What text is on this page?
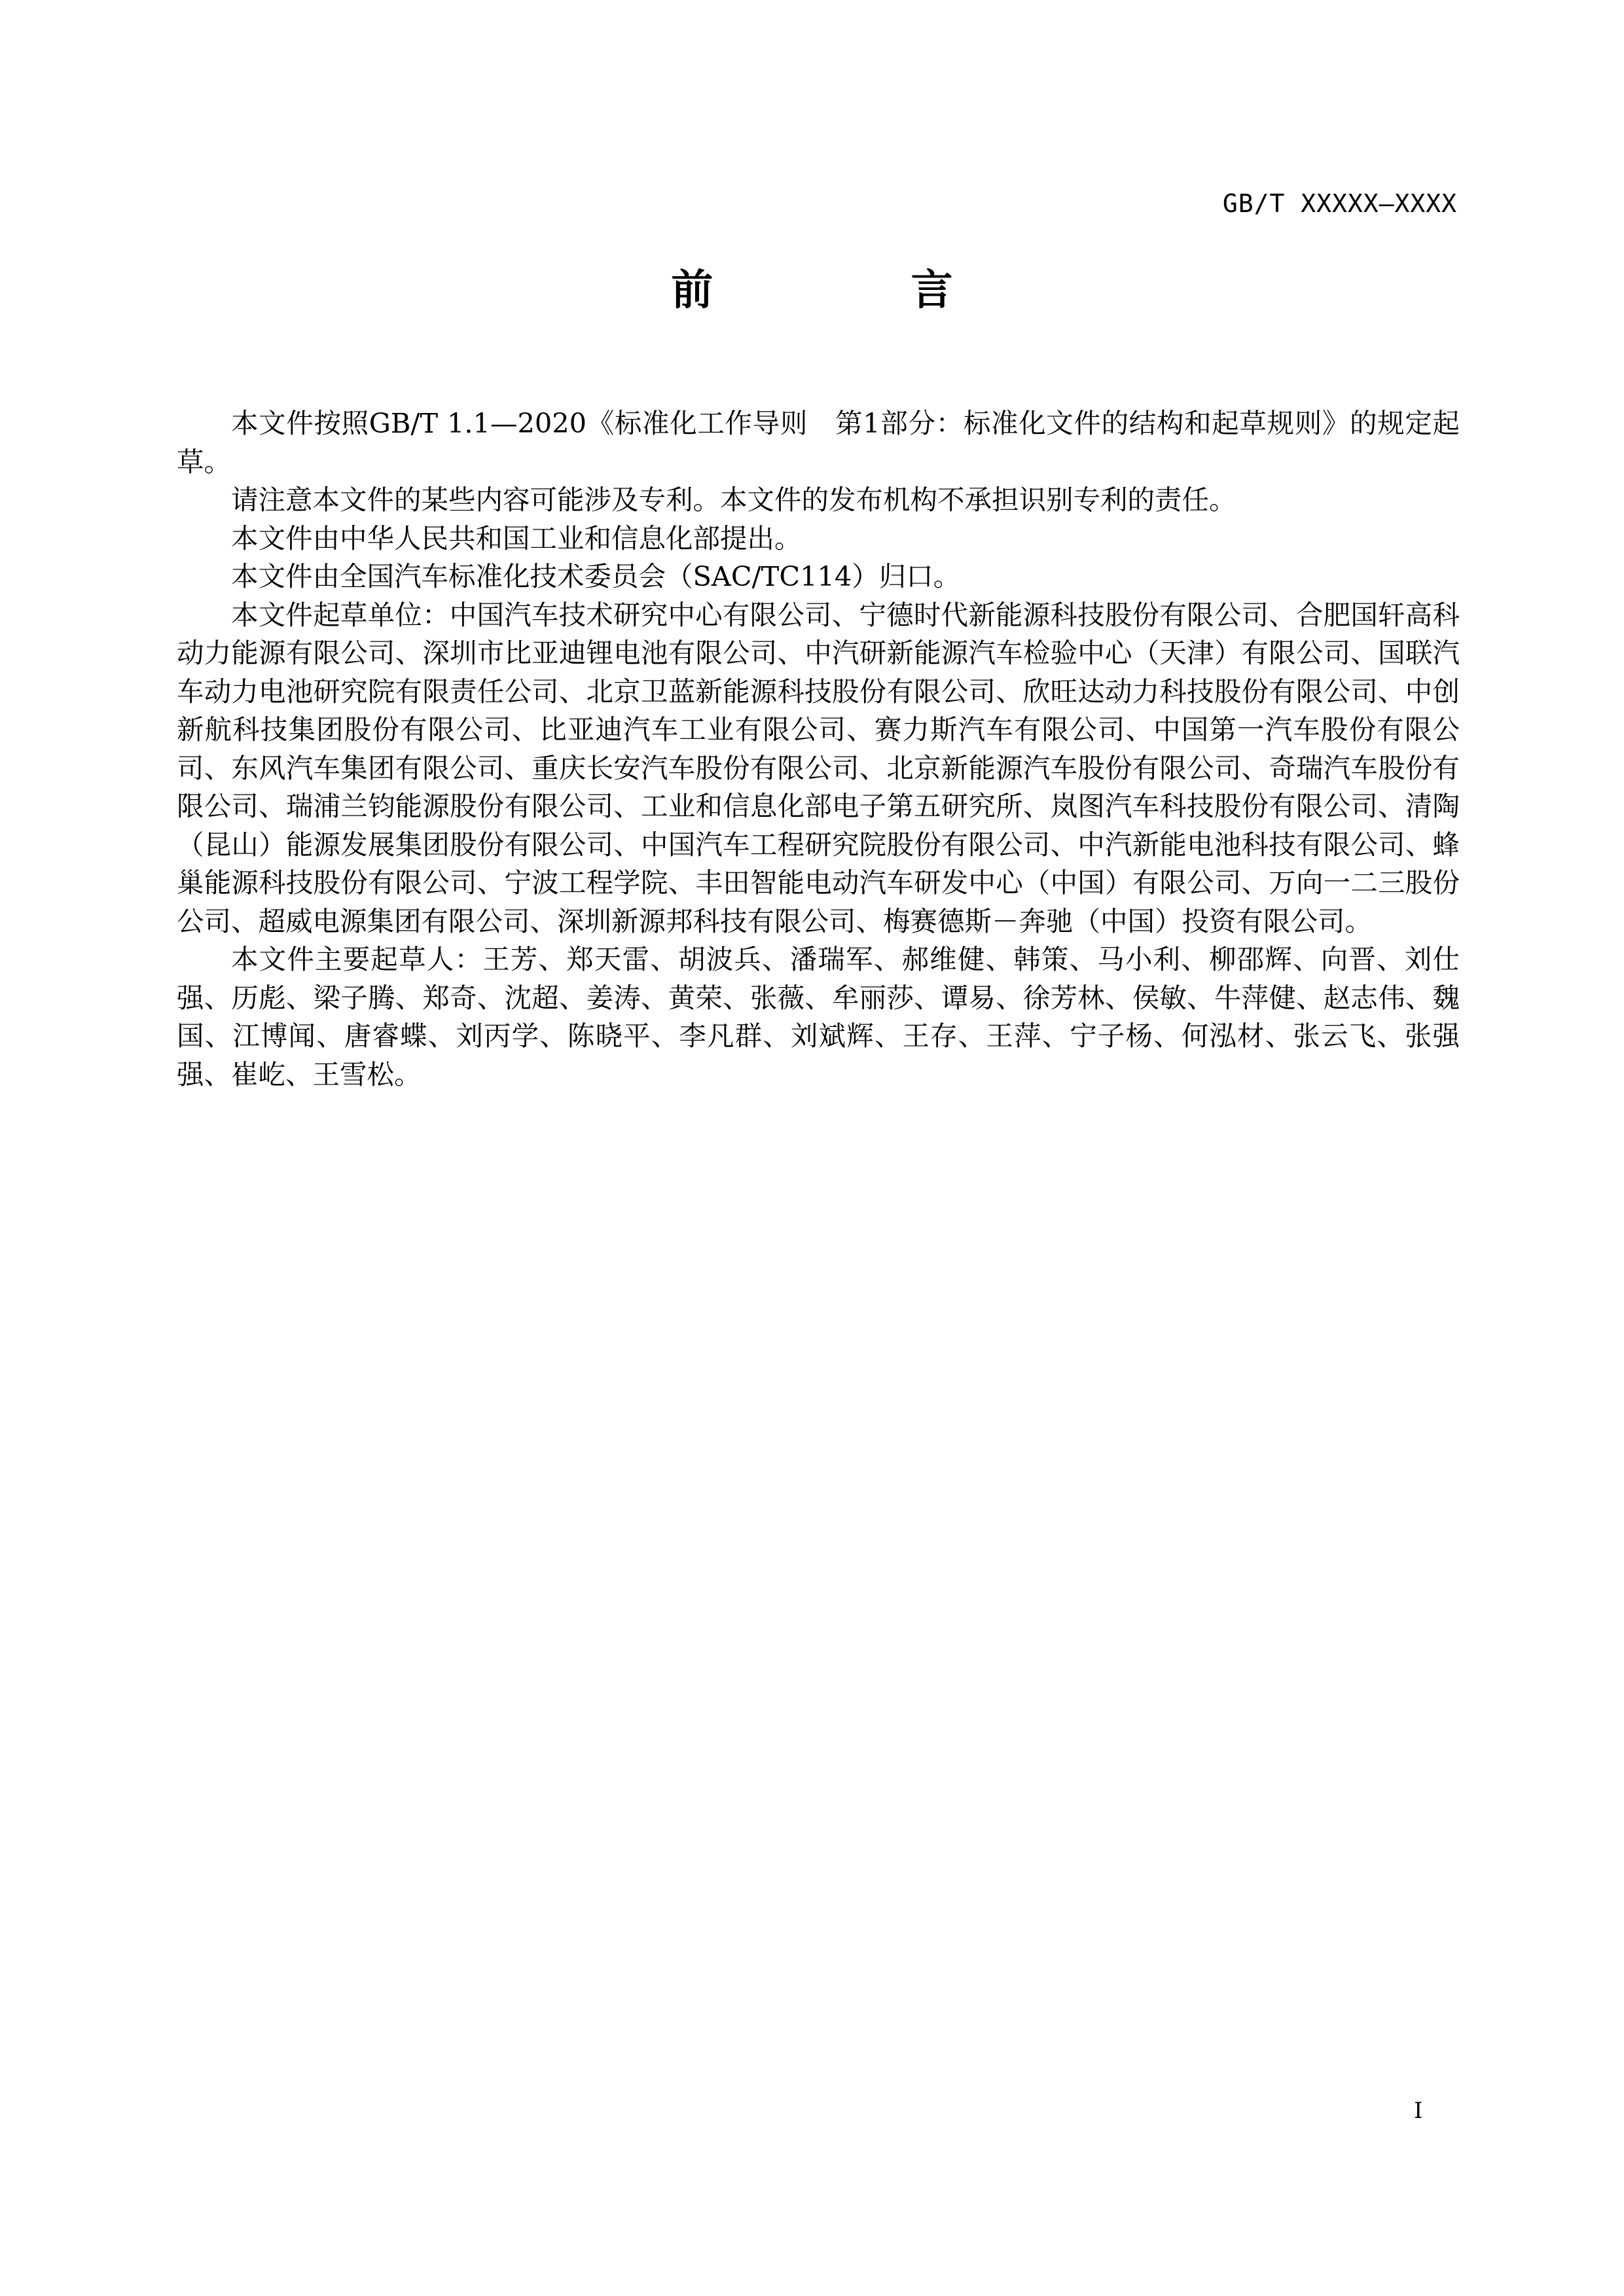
GB/T XXXXX—XXXX
前 言

本文件按照GB/T 1.1—2020《标准化工作导则　第1部分：标准化文件的结构和起草规则》的规定起草。

请注意本文件的某些内容可能涉及专利。本文件的发布机构不承担识别专利的责任。

本文件由中华人民共和国工业和信息化部提出。

本文件由全国汽车标准化技术委员会（SAC/TC114）归口。

本文件起草单位：中国汽车技术研究中心有限公司、宁德时代新能源科技股份有限公司、合肥国轩高科动力能源有限公司、深圳市比亚迪锂电池有限公司、中汽研新能源汽车检验中心（天津）有限公司、国联汽车动力电池研究院有限责任公司、北京卫蓝新能源科技股份有限公司、欣旺达动力科技股份有限公司、中创新航科技集团股份有限公司、比亚迪汽车工业有限公司、赛力斯汽车有限公司、中国第一汽车股份有限公司、东风汽车集团有限公司、重庆长安汽车股份有限公司、北京新能源汽车股份有限公司、奇瑞汽车股份有限公司、瑞浦兰钧能源股份有限公司、工业和信息化部电子第五研究所、岚图汽车科技股份有限公司、清陶（昆山）能源发展集团股份有限公司、中国汽车工程研究院股份有限公司、中汽新能电池科技有限公司、蜂巢能源科技股份有限公司、宁波工程学院、丰田智能电动汽车研发中心（中国）有限公司、万向一二三股份公司、超威电源集团有限公司、深圳新源邦科技有限公司、梅赛德斯－奔驰（中国）投资有限公司。

本文件主要起草人：王芳、郑天雷、胡波兵、潘瑞军、郝维健、韩策、马小利、柳邵辉、向晋、刘仕强、历彪、梁子腾、郑奇、沈超、姜涛、黄荣、张薇、牟丽莎、谭易、徐芳林、侯敏、牛萍健、赵志伟、魏国、江博闻、唐睿蝶、刘丙学、陈晓平、李凡群、刘斌辉、王存、王萍、宁子杨、何泓材、张云飞、张强强、崔屹、王雪松。

I
